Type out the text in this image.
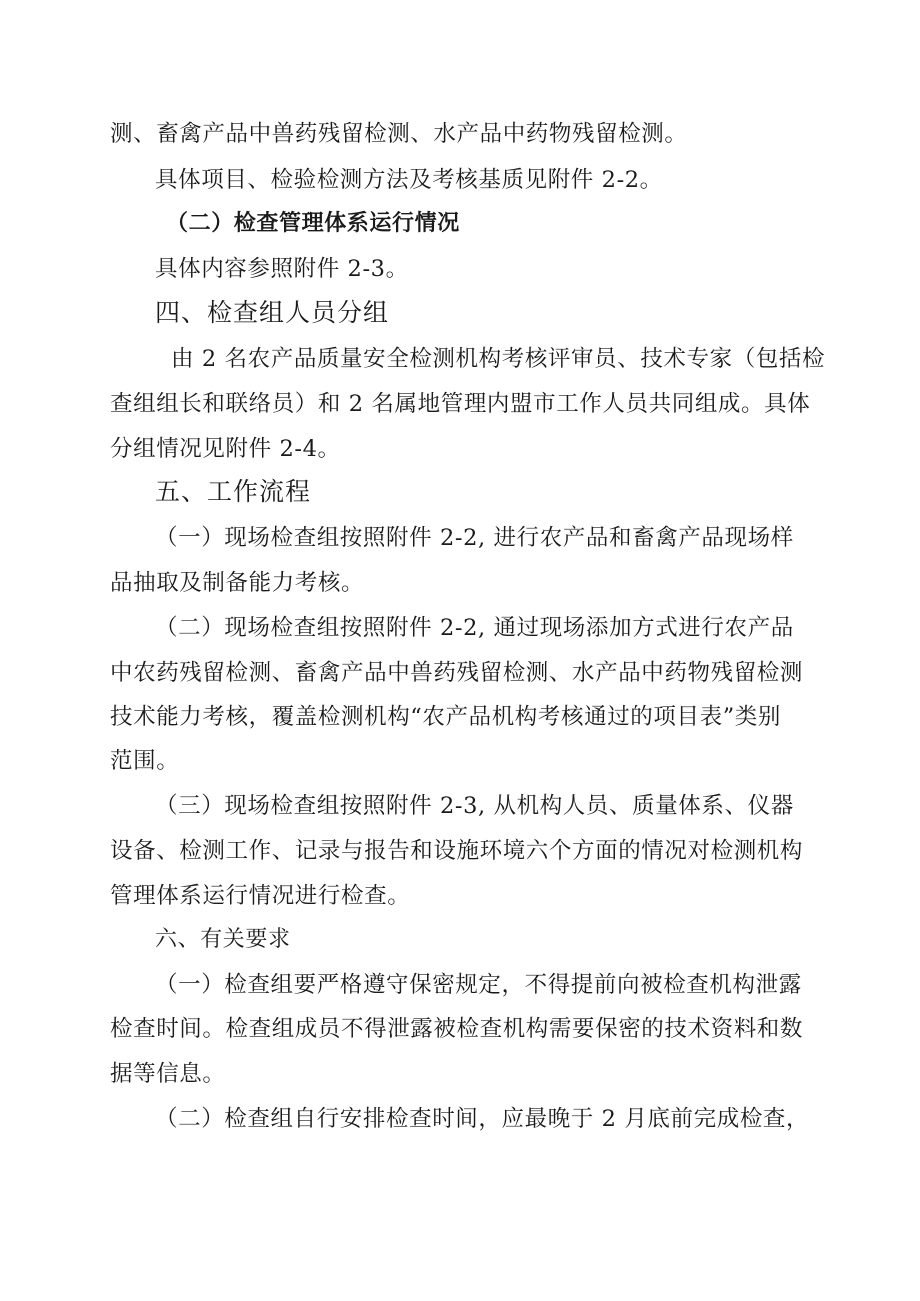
测、畜禽产品中兽药残留检测、水产品中药物残留检测。
具体项目、检验检测方法及考核基质见附件 2-2。
（二）检查管理体系运行情况
具体内容参照附件 2-3。
四、检查组人员分组
由 2 名农产品质量安全检测机构考核评审员、技术专家（包括检
查组组长和联络员）和 2 名属地管理内盟市工作人员共同组成。具体
分组情况见附件 2-4。
五、工作流程
（一）现场检查组按照附件 2-2, 进行农产品和畜禽产品现场样
品抽取及制备能力考核。
（二）现场检查组按照附件 2-2, 通过现场添加方式进行农产品
中农药残留检测、畜禽产品中兽药残留检测、水产品中药物残留检测
技术能力考核，覆盖检测机构“农产品机构考核通过的项目表”类别
范围。
（三）现场检查组按照附件 2-3, 从机构人员、质量体系、仪器
设备、检测工作、记录与报告和设施环境六个方面的情况对检测机构
管理体系运行情况进行检查。
六、有关要求
（一）检查组要严格遵守保密规定，不得提前向被检查机构泄露
检查时间。检查组成员不得泄露被检查机构需要保密的技术资料和数
据等信息。
（二）检查组自行安排检查时间，应最晚于 2 月底前完成检查，
